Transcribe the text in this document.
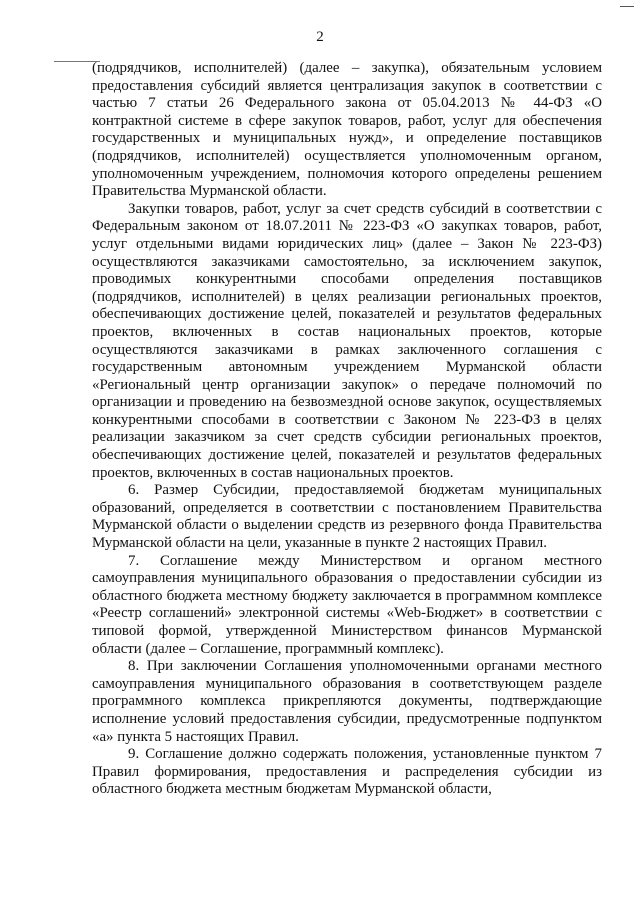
2

(подрядчиков, исполнителей) (далее – закупка), обязательным условием предоставления субсидий является централизация закупок в соответствии с частью 7 статьи 26 Федерального закона от 05.04.2013 № 44-ФЗ «О контрактной системе в сфере закупок товаров, работ, услуг для обеспечения государственных и муниципальных нужд», и определение поставщиков (подрядчиков, исполнителей) осуществляется уполномоченным органом, уполномоченным учреждением, полномочия которого определены решением Правительства Мурманской области.

Закупки товаров, работ, услуг за счет средств субсидий в соответствии с Федеральным законом от 18.07.2011 № 223-ФЗ «О закупках товаров, работ, услуг отдельными видами юридических лиц» (далее – Закон № 223-ФЗ) осуществляются заказчиками самостоятельно, за исключением закупок, проводимых конкурентными способами определения поставщиков (подрядчиков, исполнителей) в целях реализации региональных проектов, обеспечивающих достижение целей, показателей и результатов федеральных проектов, включенных в состав национальных проектов, которые осуществляются заказчиками в рамках заключенного соглашения с государственным автономным учреждением Мурманской области «Региональный центр организации закупок» о передаче полномочий по организации и проведению на безвозмездной основе закупок, осуществляемых конкурентными способами в соответствии с Законом № 223-ФЗ в целях реализации заказчиком за счет средств субсидии региональных проектов, обеспечивающих достижение целей, показателей и результатов федеральных проектов, включенных в состав национальных проектов.

6. Размер Субсидии, предоставляемой бюджетам муниципальных образований, определяется в соответствии с постановлением Правительства Мурманской области о выделении средств из резервного фонда Правительства Мурманской области на цели, указанные в пункте 2 настоящих Правил.

7. Соглашение между Министерством и органом местного самоуправления муниципального образования о предоставлении субсидии из областного бюджета местному бюджету заключается в программном комплексе «Реестр соглашений» электронной системы «Web-Бюджет» в соответствии с типовой формой, утвержденной Министерством финансов Мурманской области (далее – Соглашение, программный комплекс).

8. При заключении Соглашения уполномоченными органами местного самоуправления муниципального образования в соответствующем разделе программного комплекса прикрепляются документы, подтверждающие исполнение условий предоставления субсидии, предусмотренные подпунктом «а» пункта 5 настоящих Правил.

9. Соглашение должно содержать положения, установленные пунктом 7 Правил формирования, предоставления и распределения субсидии из областного бюджета местным бюджетам Мурманской области,
